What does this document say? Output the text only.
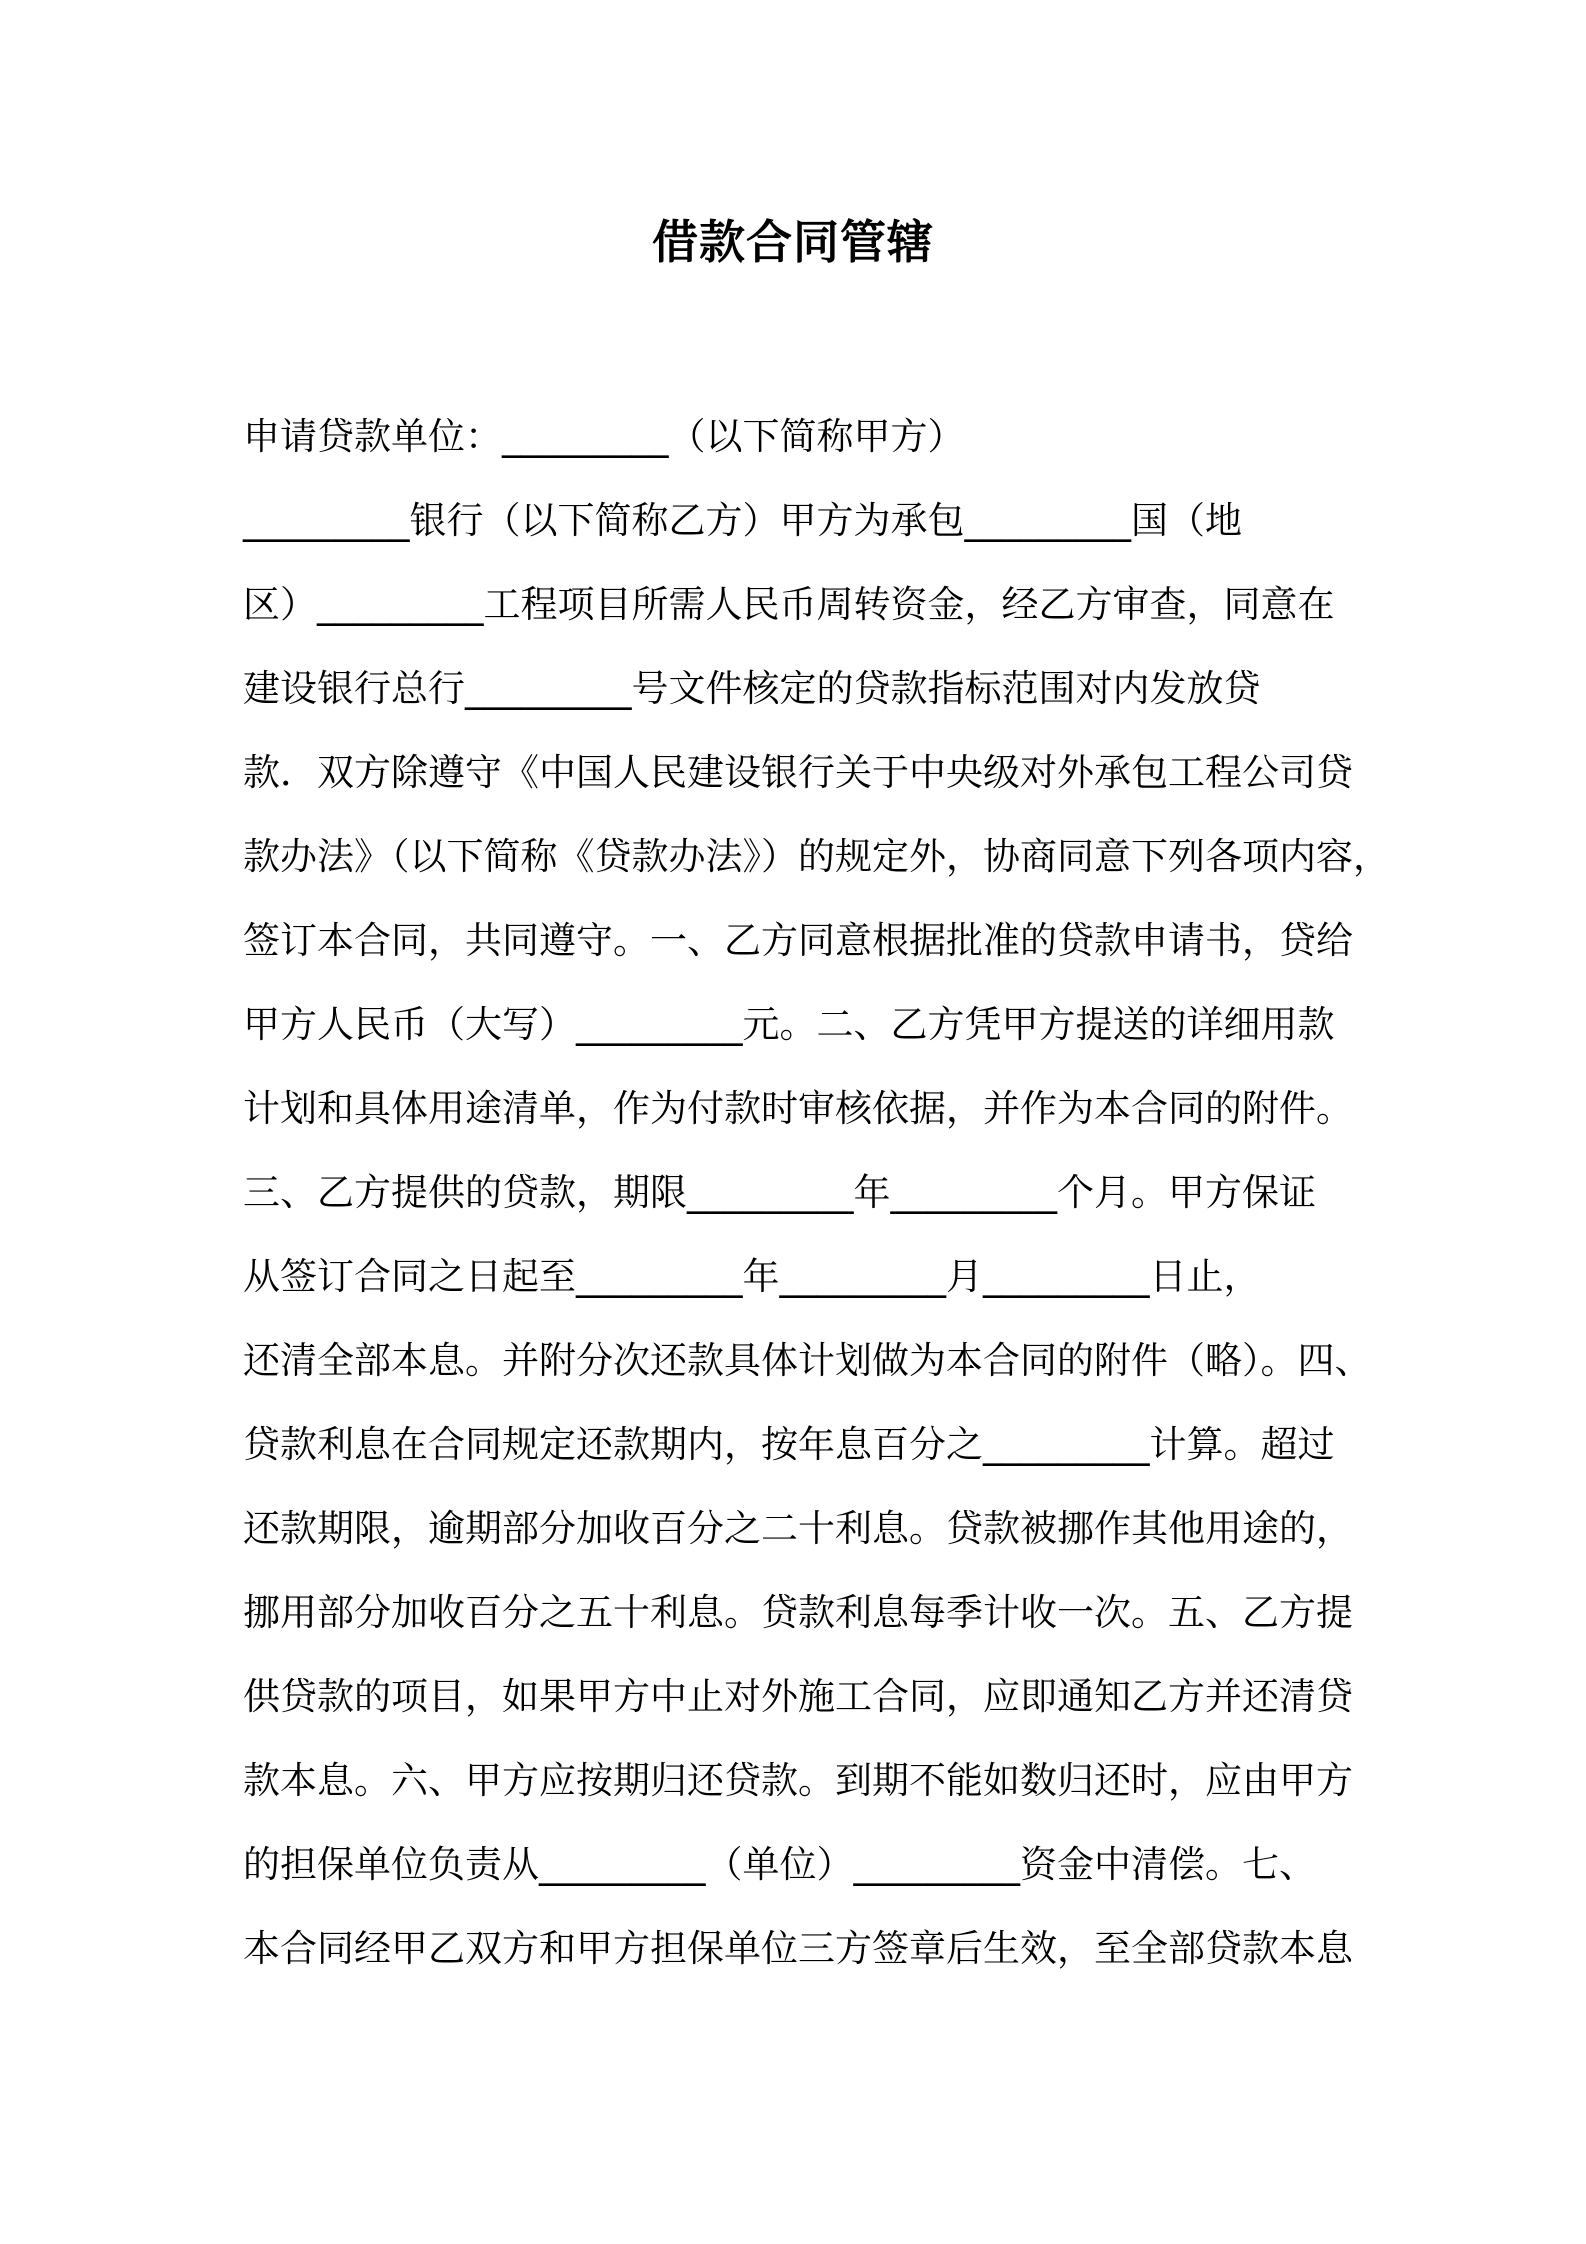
借款合同管辖
申请贷款单位：_________（以下简称甲方）
_________银行（以下简称乙方）甲方为承包_________国（地
区）_________工程项目所需人民币周转资金，经乙方审查，同意在
建设银行总行_________号文件核定的贷款指标范围对内发放贷
款．双方除遵守《中国人民建设银行关于中央级对外承包工程公司贷
款办法》（以下简称《贷款办法》）的规定外，协商同意下列各项内容，
签订本合同，共同遵守。一、乙方同意根据批准的贷款申请书，贷给
甲方人民币（大写）_________元。二、乙方凭甲方提送的详细用款
计划和具体用途清单，作为付款时审核依据，并作为本合同的附件。
三、乙方提供的贷款，期限_________年_________个月。甲方保证
从签订合同之日起至_________年_________月_________日止，
还清全部本息。并附分次还款具体计划做为本合同的附件（略）。四、
贷款利息在合同规定还款期内，按年息百分之_________计算。超过
还款期限，逾期部分加收百分之二十利息。贷款被挪作其他用途的，
挪用部分加收百分之五十利息。贷款利息每季计收一次。五、乙方提
供贷款的项目，如果甲方中止对外施工合同，应即通知乙方并还清贷
款本息。六、甲方应按期归还贷款。到期不能如数归还时，应由甲方
的担保单位负责从_________（单位）_________资金中清偿。七、
本合同经甲乙双方和甲方担保单位三方签章后生效，至全部贷款本息
